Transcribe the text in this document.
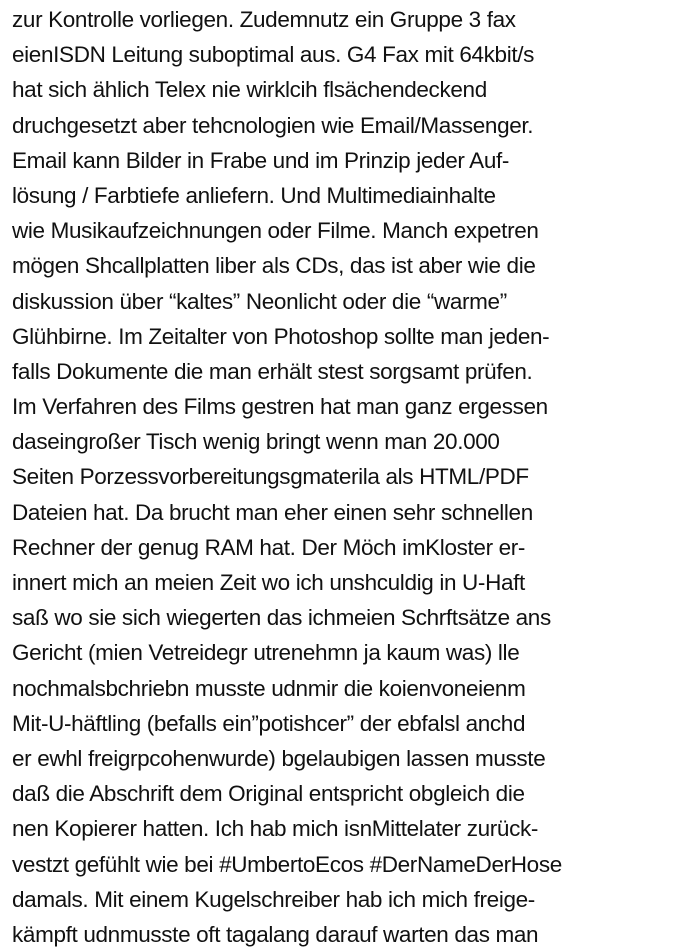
zur Kontrolle vorliegen. Zudemnutz ein Gruppe 3 fax
eienISDN Leitung suboptimal aus. G4 Fax mit 64kbit/s
hat sich ählich Telex nie wirklcih flsächendeckend
druchgesetzt aber tehcnologien wie Email/Massenger.
Email kann Bilder in Frabe und im Prinzip jeder Auf-
lösung / Farbtiefe anliefern. Und Multimediainhalte
wie Musikaufzeichnungen oder Filme. Manch expetren
mögen Shcallplatten liber als CDs, das ist aber wie die
diskussion über “kaltes” Neonlicht oder die “warme”
Glühbirne. Im Zeitalter von Photoshop sollte man jeden-
falls Dokumente die man erhält stest sorgsamt prüfen.
Im Verfahren des Films gestren hat man ganz ergessen
daseingroßer Tisch wenig bringt wenn man 20.000
Seiten Porzessvorbereitungsgmaterila als HTML/PDF
Dateien hat. Da brucht man eher einen sehr schnellen
Rechner der genug RAM hat. Der Möch imKloster er-
innert mich an meien Zeit wo ich unshculdig in U-Haft
saß wo sie sich wiegerten das ichmeien Schrftsätze ans
Gericht (mien Vetreidegr utrenehmn ja kaum was) lle
nochmalsbchriebn musste udnmir die koienvoneienm
Mit-U-häftling (befalls ein”potishcer” der ebfalsl anchd
er ewhl freigrpcohenwurde) bgelaubigen lassen musste
daß die Abschrift dem Original entspricht obgleich die
nen Kopierer hatten. Ich hab mich isnMittelater zurück-
vestzt gefühlt wie bei #UmbertoEcos #DerNameDerHose
damals. Mit einem Kugelschreiber hab ich mich freige-
kämpft udnmusste oft tagalang darauf warten das man
